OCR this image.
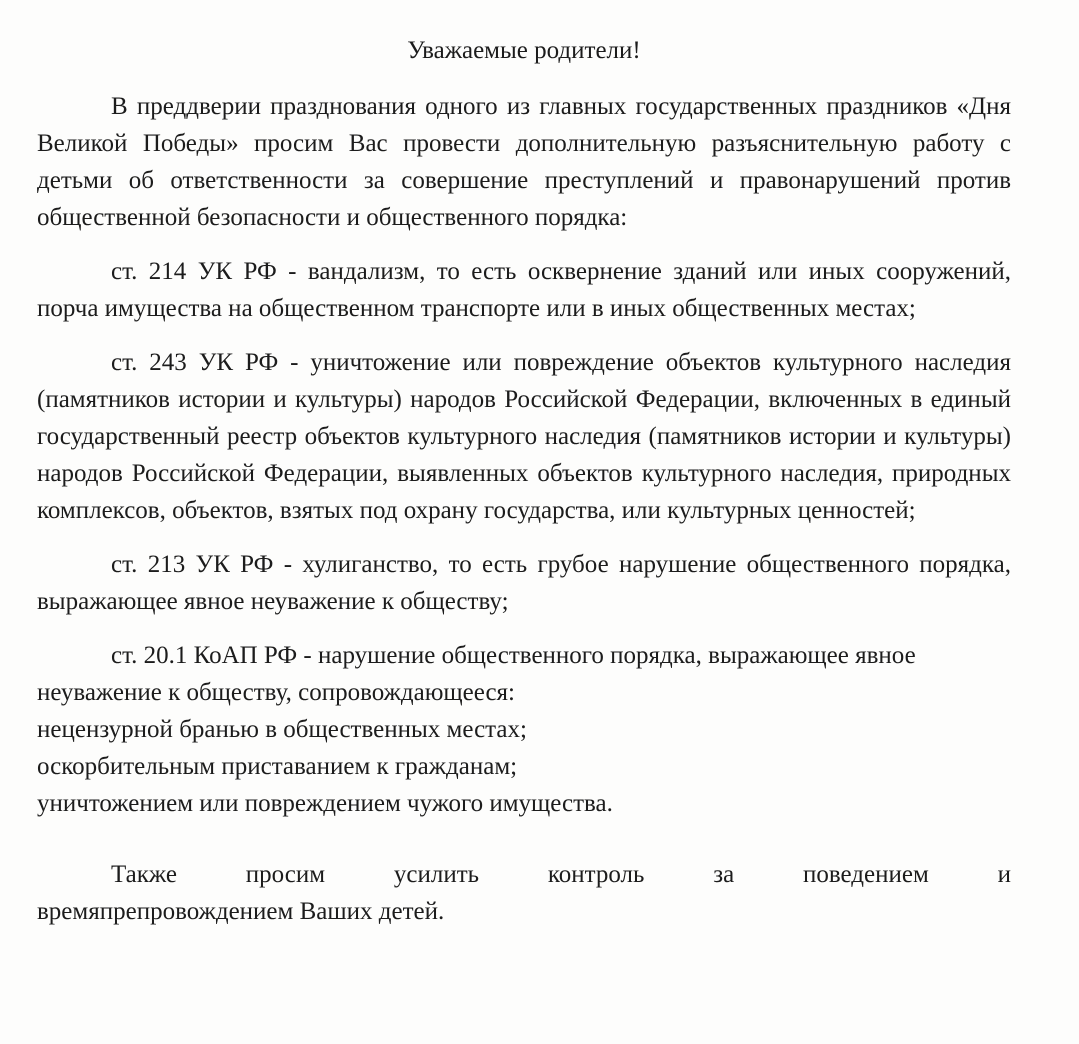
Уважаемые родители!

В преддверии празднования одного из главных государственных праздников «Дня Великой Победы» просим Вас провести дополнительную разъяснительную работу с детьми об ответственности за совершение преступлений и правонарушений против общественной безопасности и общественного порядка:

ст. 214 УК РФ - вандализм, то есть осквернение зданий или иных сооружений, порча имущества на общественном транспорте или в иных общественных местах;

ст. 243 УК РФ - уничтожение или повреждение объектов культурного наследия (памятников истории и культуры) народов Российской Федерации, включенных в единый государственный реестр объектов культурного наследия (памятников истории и культуры) народов Российской Федерации, выявленных объектов культурного наследия, природных комплексов, объектов, взятых под охрану государства, или культурных ценностей;

ст. 213 УК РФ - хулиганство, то есть грубое нарушение общественного порядка, выражающее явное неуважение к обществу;

ст. 20.1 КоАП РФ - нарушение общественного порядка, выражающее явное неуважение к обществу, сопровождающееся:

нецензурной бранью в общественных местах;

оскорбительным приставанием к гражданам;

уничтожением или повреждением чужого имущества.

Также просим усилить контроль за поведением и

времяпрепровождением Ваших детей.
